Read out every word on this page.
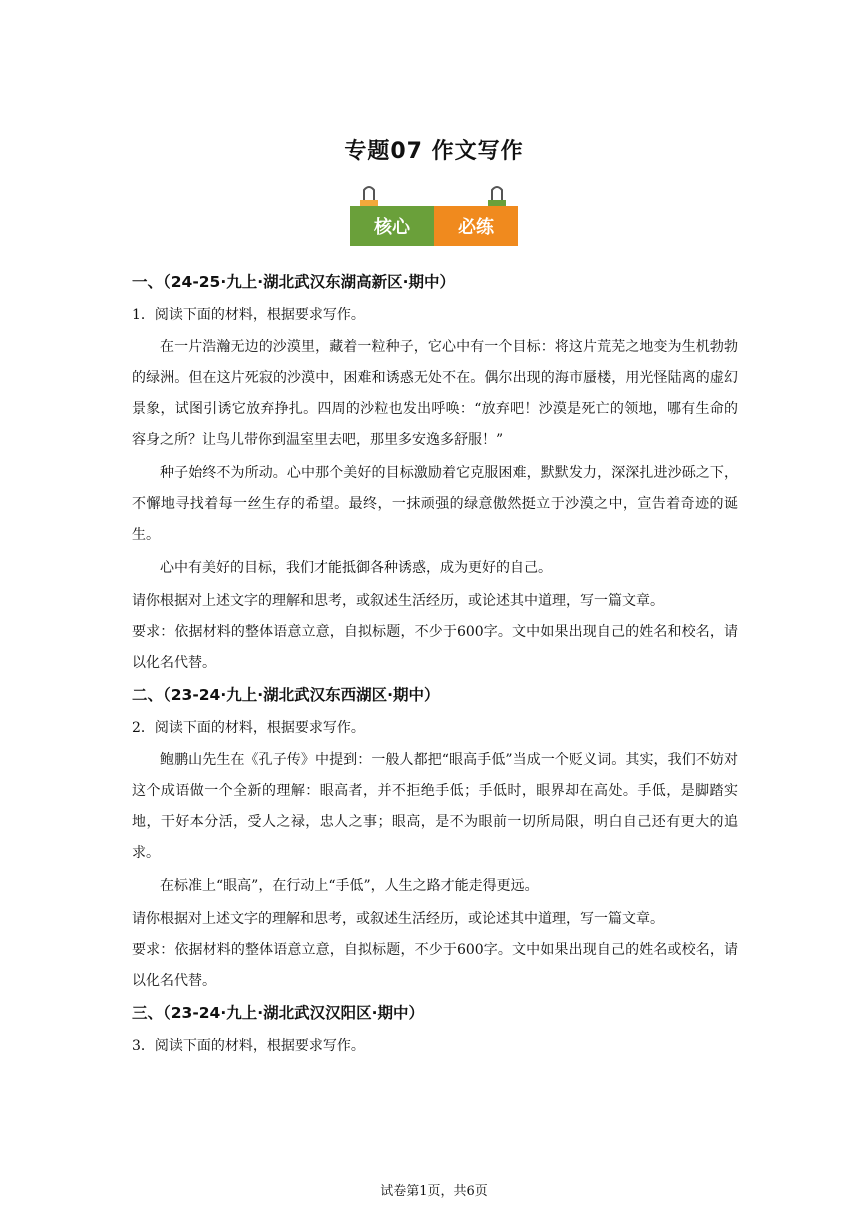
专题07 作文写作
核心	必练
一、（24-25·九上·湖北武汉东湖高新区·期中）
1．阅读下面的材料，根据要求写作。

在一片浩瀚无边的沙漠里，藏着一粒种子，它心中有一个目标：将这片荒芜之地变为生机勃勃的绿洲。但在这片死寂的沙漠中，困难和诱惑无处不在。偶尔出现的海市蜃楼，用光怪陆离的虚幻景象，试图引诱它放弃挣扎。四周的沙粒也发出呼唤：“放弃吧！沙漠是死亡的领地，哪有生命的容身之所？让鸟儿带你到温室里去吧，那里多安逸多舒服！”

种子始终不为所动。心中那个美好的目标激励着它克服困难，默默发力，深深扎进沙砾之下，不懈地寻找着每一丝生存的希望。最终，一抹顽强的绿意傲然挺立于沙漠之中，宣告着奇迹的诞生。

心中有美好的目标，我们才能抵御各种诱惑，成为更好的自己。

请你根据对上述文字的理解和思考，或叙述生活经历，或论述其中道理，写一篇文章。
要求：依据材料的整体语意立意，自拟标题，不少于600字。文中如果出现自己的姓名和校名，请以化名代替。
二、（23-24·九上·湖北武汉东西湖区·期中）
2．阅读下面的材料，根据要求写作。

鲍鹏山先生在《孔子传》中提到：一般人都把“眼高手低”当成一个贬义词。其实，我们不妨对这个成语做一个全新的理解：眼高者，并不拒绝手低；手低时，眼界却在高处。手低，是脚踏实地，干好本分活，受人之禄，忠人之事；眼高，是不为眼前一切所局限，明白自己还有更大的追求。

在标准上“眼高”，在行动上“手低”，人生之路才能走得更远。

请你根据对上述文字的理解和思考，或叙述生活经历，或论述其中道理，写一篇文章。
要求：依据材料的整体语意立意，自拟标题，不少于600字。文中如果出现自己的姓名或校名，请以化名代替。
三、（23-24·九上·湖北武汉汉阳区·期中）
3．阅读下面的材料，根据要求写作。
试卷第1页，共6页
